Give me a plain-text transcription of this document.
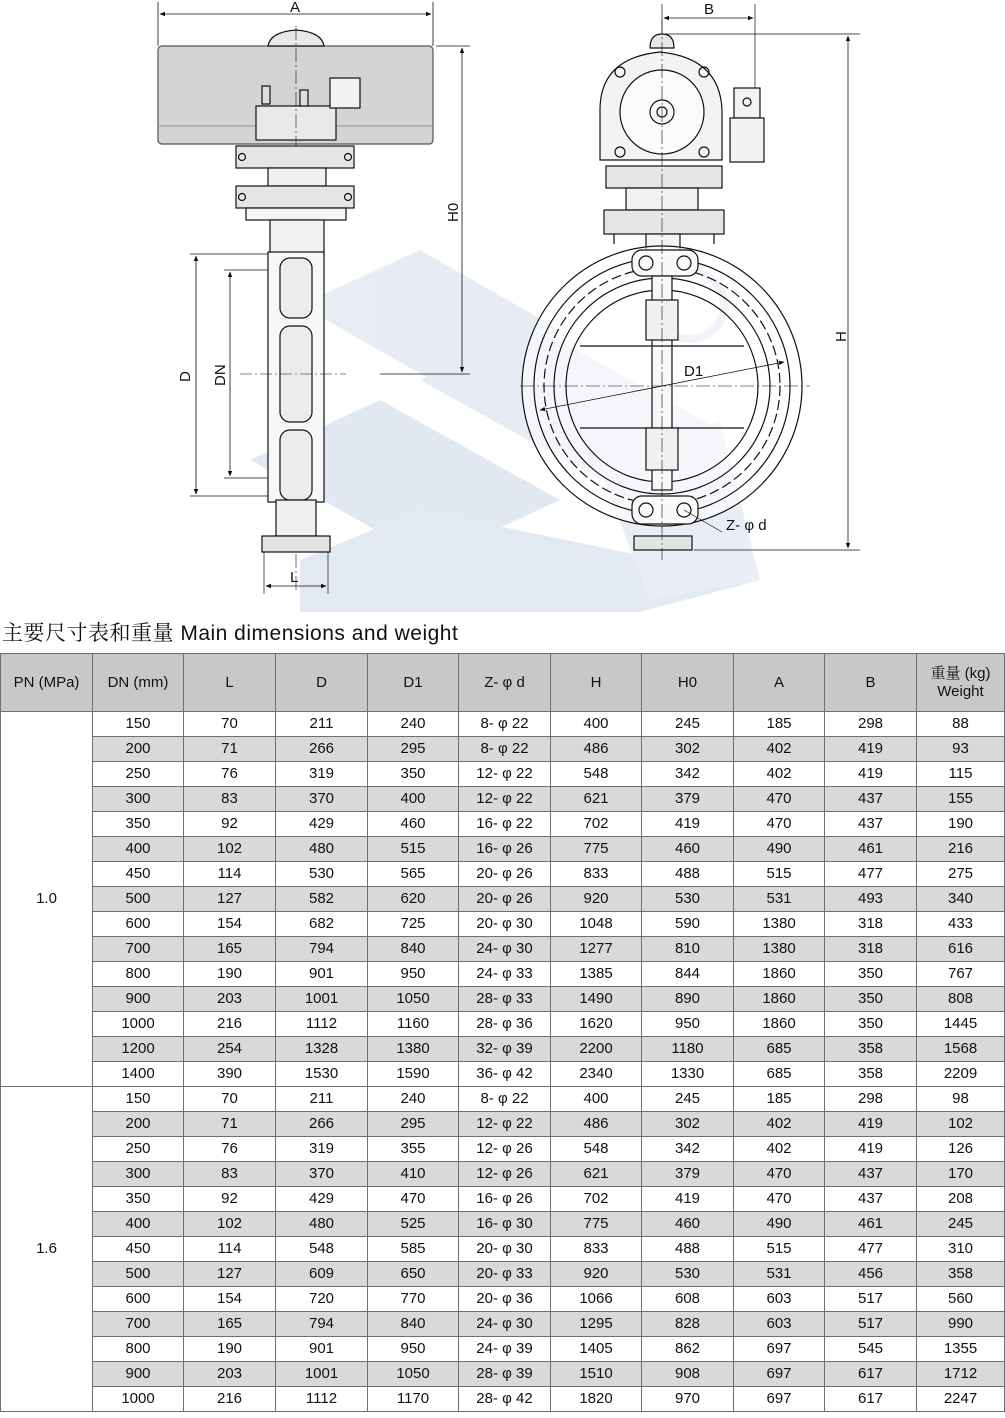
A
H0
D DN
L
B
D1
Z- φ d
H
主要尺寸表和重量 Main dimensions and weight
PN (MPa)	DN (mm)	L	D	D1	Z- φ d	H	H0	A	B	重量 (kg)
Weight
1.0	150	70	211	240	8- φ 22	400	245	185	298	88
	200	71	266	295	8- φ 22	486	302	402	419	93
	250	76	319	350	12- φ 22	548	342	402	419	115
	300	83	370	400	12- φ 22	621	379	470	437	155
	350	92	429	460	16- φ 22	702	419	470	437	190
	400	102	480	515	16- φ 26	775	460	490	461	216
	450	114	530	565	20- φ 26	833	488	515	477	275
	500	127	582	620	20- φ 26	920	530	531	493	340
	600	154	682	725	20- φ 30	1048	590	1380	318	433
	700	165	794	840	24- φ 30	1277	810	1380	318	616
	800	190	901	950	24- φ 33	1385	844	1860	350	767
	900	203	1001	1050	28- φ 33	1490	890	1860	350	808
	1000	216	1112	1160	28- φ 36	1620	950	1860	350	1445
	1200	254	1328	1380	32- φ 39	2200	1180	685	358	1568
	1400	390	1530	1590	36- φ 42	2340	1330	685	358	2209
1.6	150	70	211	240	8- φ 22	400	245	185	298	98
	200	71	266	295	12- φ 22	486	302	402	419	102
	250	76	319	355	12- φ 26	548	342	402	419	126
	300	83	370	410	12- φ 26	621	379	470	437	170
	350	92	429	470	16- φ 26	702	419	470	437	208
	400	102	480	525	16- φ 30	775	460	490	461	245
	450	114	548	585	20- φ 30	833	488	515	477	310
	500	127	609	650	20- φ 33	920	530	531	456	358
	600	154	720	770	20- φ 36	1066	608	603	517	560
	700	165	794	840	24- φ 30	1295	828	603	517	990
	800	190	901	950	24- φ 39	1405	862	697	545	1355
	900	203	1001	1050	28- φ 39	1510	908	697	617	1712
	1000	216	1112	1170	28- φ 42	1820	970	697	617	2247
